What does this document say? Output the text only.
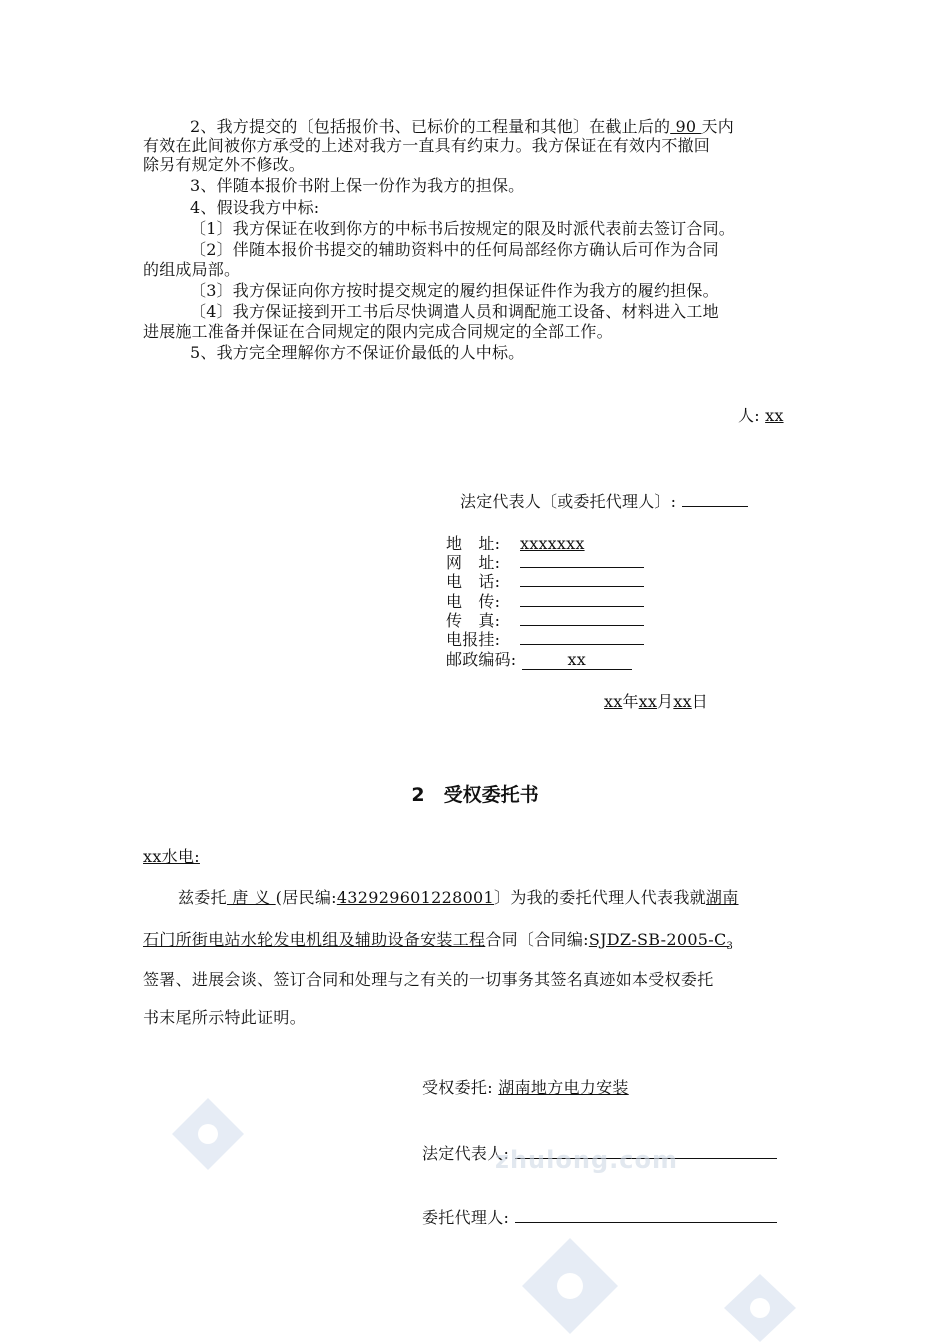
2、我方提交的〔包括报价书、已标价的工程量和其他〕在截止后的 90 天内
有效在此间被你方承受的上述对我方一直具有约束力。我方保证在有效内不撤回
除另有规定外不修改。
3、伴随本报价书附上保一份作为我方的担保。
4、假设我方中标:
〔1〕我方保证在收到你方的中标书后按规定的限及时派代表前去签订合同。
〔2〕伴随本报价书提交的辅助资料中的任何局部经你方确认后可作为合同
的组成局部。
〔3〕我方保证向你方按时提交规定的履约担保证件作为我方的履约担保。
〔4〕我方保证接到开工书后尽快调遣人员和调配施工设备、材料进入工地
进展施工准备并保证在合同规定的限内完成合同规定的全部工作。
5、我方完全理解你方不保证价最低的人中标。
人: xx
法定代表人〔或委托代理人〕:
地　址: xxxxxxx
网　址:
电　话:
电　传:
传　真:
电报挂:
邮政编码:	xx
xx年xx月xx日
2　受权委托书
xx水电:
兹委托 唐 义 (居民编:432929601228001〕为我的委托代理人代表我就湖南
石门所街电站水轮发电机组及辅助设备安装工程合同〔合同编$:SJDZ-SB-2005-C_3$
签署、进展会谈、签订合同和处理与之有关的一切事务其签名真迹如本受权委托
书末尾所示特此证明。
受权委托: 湖南地方电力安装
法定代表人:
委托代理人:
zhulong.com
